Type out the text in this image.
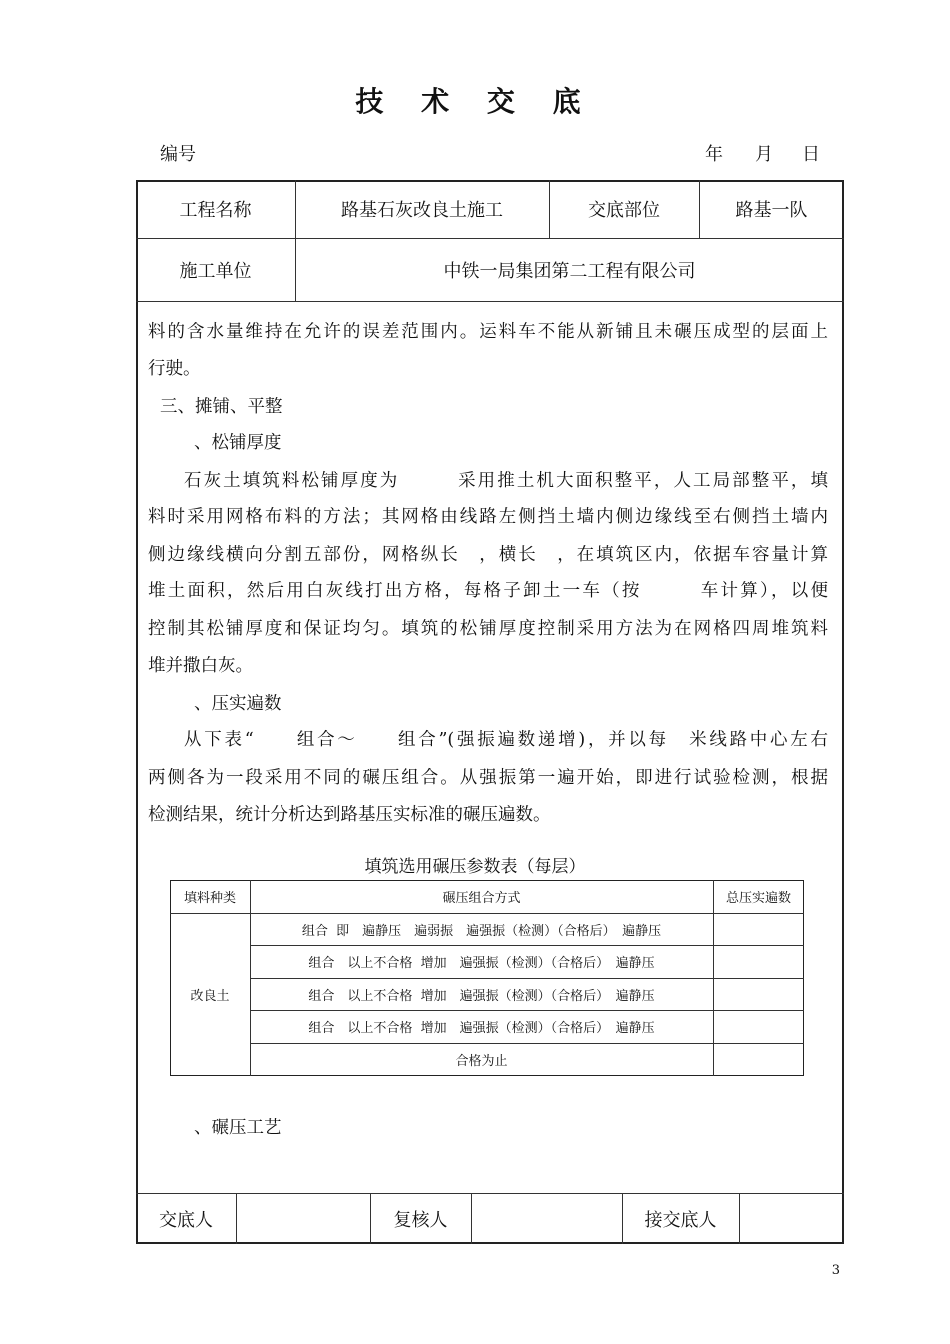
技 术 交 底
编号	年 月 日
工程名称	路基石灰改良土施工	交底部位	路基一队
施工单位	中铁一局集团第二工程有限公司
料的含水量维持在允许的误差范围内。运料车不能从新铺且未碾压成型的层面上
行驶。
三、摊铺、平整
、松铺厚度
石灰土填筑料松铺厚度为　　　采用推土机大面积整平，人工局部整平，填
料时采用网格布料的方法；其网格由线路左侧挡土墙内侧边缘线至右侧挡土墙内
侧边缘线横向分割五部份，网格纵长　，横长　，在填筑区内，依据车容量计算
堆土面积，然后用白灰线打出方格，每格子卸土一车（按　　　车计算），以便
控制其松铺厚度和保证均匀。填筑的松铺厚度控制采用方法为在网格四周堆筑料
堆并撒白灰。
、压实遍数
从下表“　　组合～　　组合”(强振遍数递增)，并以每　米线路中心左右
两侧各为一段采用不同的碾压组合。从强振第一遍开始，即进行试验检测，根据
检测结果，统计分析达到路基压实标准的碾压遍数。
填筑选用碾压参数表（每层）
填料种类	碾压组合方式	总压实遍数
改良土
组合  即　遍静压　遍弱振　遍强振（检测）（合格后）　遍静压
组合　以上不合格  增加　遍强振（检测）（合格后）　遍静压
组合　以上不合格  增加　遍强振（检测）（合格后）　遍静压
组合　以上不合格  增加　遍强振（检测）（合格后）　遍静压
合格为止
、碾压工艺
交底人	复核人	接交底人
3
